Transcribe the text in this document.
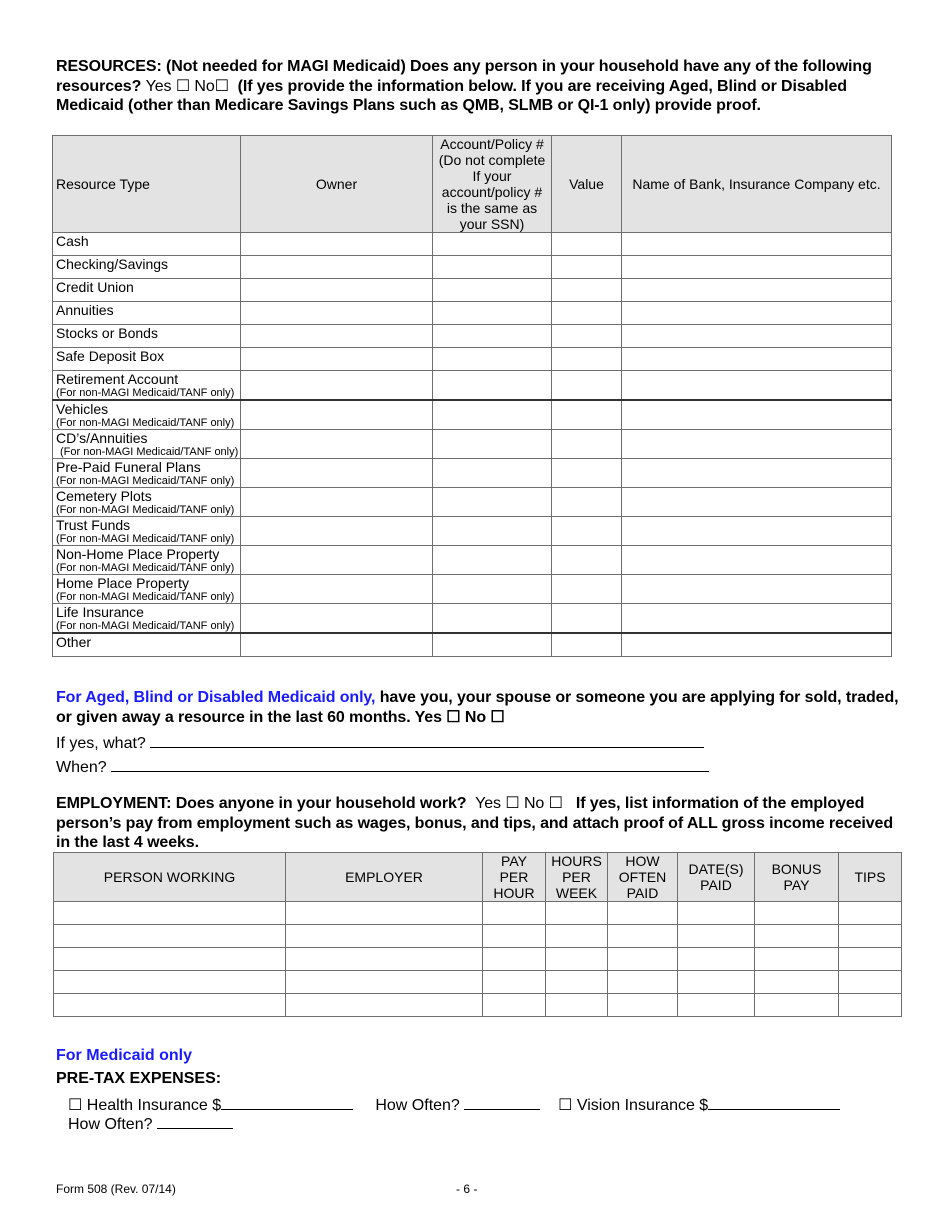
RESOURCES: (Not needed for MAGI Medicaid) Does any person in your household have any of the following resources? Yes ☐ No☐ (If yes provide the information below. If you are receiving Aged, Blind or Disabled Medicaid (other than Medicare Savings Plans such as QMB, SLMB or QI-1 only) provide proof.
Resource Type	Owner	Account/Policy # (Do not complete If your account/policy # is the same as your SSN)	Value	Name of Bank, Insurance Company etc.

Cash				

Checking/Savings				

Credit Union				

Annuities				

Stocks or Bonds				

Safe Deposit Box				

Retirement Account
(For non-MAGI Medicaid/TANF only)				

Vehicles
(For non-MAGI Medicaid/TANF only)				

CD’s/Annuities
(For non-MAGI Medicaid/TANF only)				

Pre-Paid Funeral Plans
(For non-MAGI Medicaid/TANF only)				

Cemetery Plots
(For non-MAGI Medicaid/TANF only)				

Trust Funds
(For non-MAGI Medicaid/TANF only)				

Non-Home Place Property
(For non-MAGI Medicaid/TANF only)				

Home Place Property
(For non-MAGI Medicaid/TANF only)				

Life Insurance
(For non-MAGI Medicaid/TANF only)				

Other				

For Aged, Blind or Disabled Medicaid only, have you, your spouse or someone you are applying for sold, traded, or given away a resource in the last 60 months. Yes ☐ No ☐
If yes, what?
When?
EMPLOYMENT: Does anyone in your household work? Yes ☐ No ☐ If yes, list information of the employed person’s pay from employment such as wages, bonus, and tips, and attach proof of ALL gross income received in the last 4 weeks.
PERSON WORKING	EMPLOYER	PAY PER HOUR	HOURS PER WEEK	HOW OFTEN PAID	DATE(S) PAID	BONUS PAY	TIPS

For Medicaid only
PRE-TAX EXPENSES:
☐ Health Insurance $	How Often?	☐ Vision Insurance $
How Often?
Form 508 (Rev. 07/14)	- 6 -
